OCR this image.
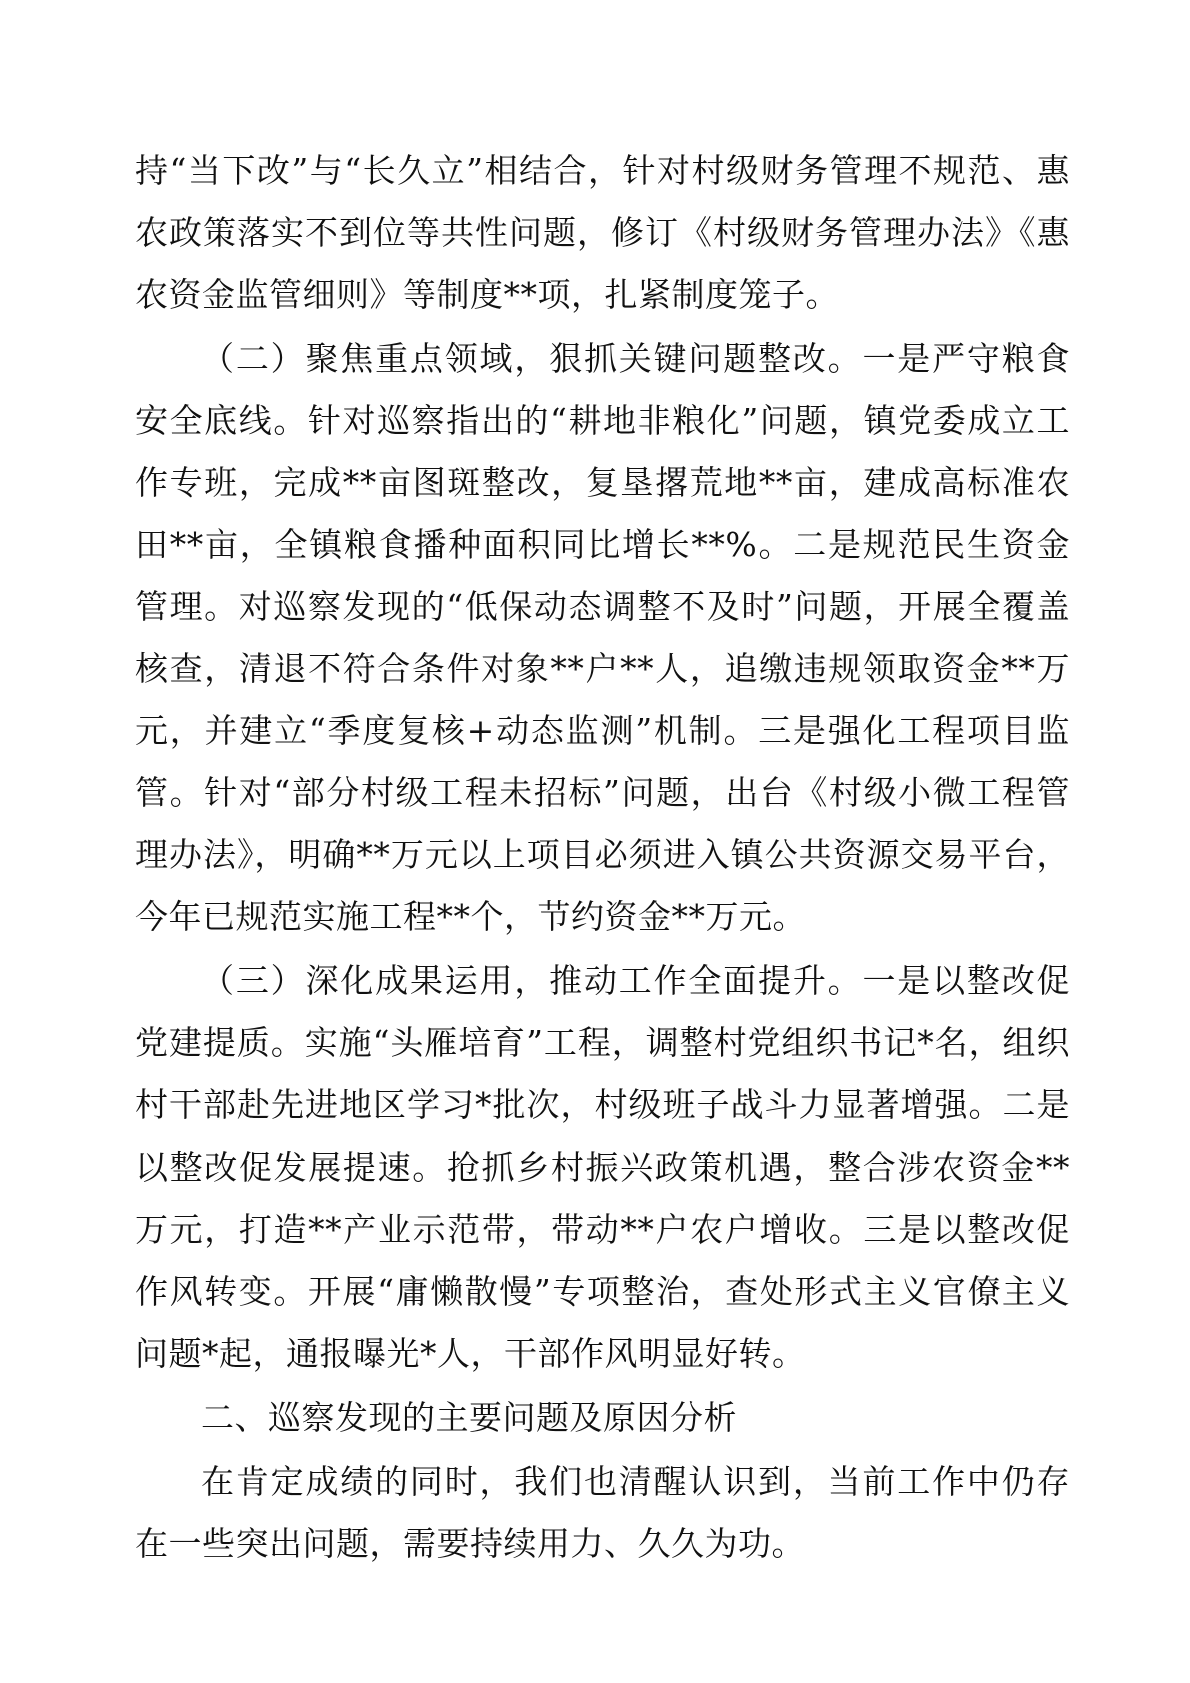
持“当下改”与“长久立”相结合，针对村级财务管理不规范、惠农政策落实不到位等共性问题，修订《村级财务管理办法》《惠农资金监管细则》等制度**项，扎紧制度笼子。

（二）聚焦重点领域，狠抓关键问题整改。一是严守粮食安全底线。针对巡察指出的“耕地非粮化”问题，镇党委成立工作专班，完成**亩图斑整改，复垦撂荒地**亩，建成高标准农田**亩，全镇粮食播种面积同比增长**%。二是规范民生资金管理。对巡察发现的“低保动态调整不及时”问题，开展全覆盖核查，清退不符合条件对象**户**人，追缴违规领取资金**万元，并建立“季度复核+动态监测”机制。三是强化工程项目监管。针对“部分村级工程未招标”问题，出台《村级小微工程管理办法》，明确**万元以上项目必须进入镇公共资源交易平台，今年已规范实施工程**个，节约资金**万元。

（三）深化成果运用，推动工作全面提升。一是以整改促党建提质。实施“头雁培育”工程，调整村党组织书记*名，组织村干部赴先进地区学习*批次，村级班子战斗力显著增强。二是以整改促发展提速。抢抓乡村振兴政策机遇，整合涉农资金**万元，打造**产业示范带，带动**户农户增收。三是以整改促作风转变。开展“庸懒散慢”专项整治，查处形式主义官僚主义问题*起，通报曝光*人，干部作风明显好转。

二、巡察发现的主要问题及原因分析

在肯定成绩的同时，我们也清醒认识到，当前工作中仍存在一些突出问题，需要持续用力、久久为功。
